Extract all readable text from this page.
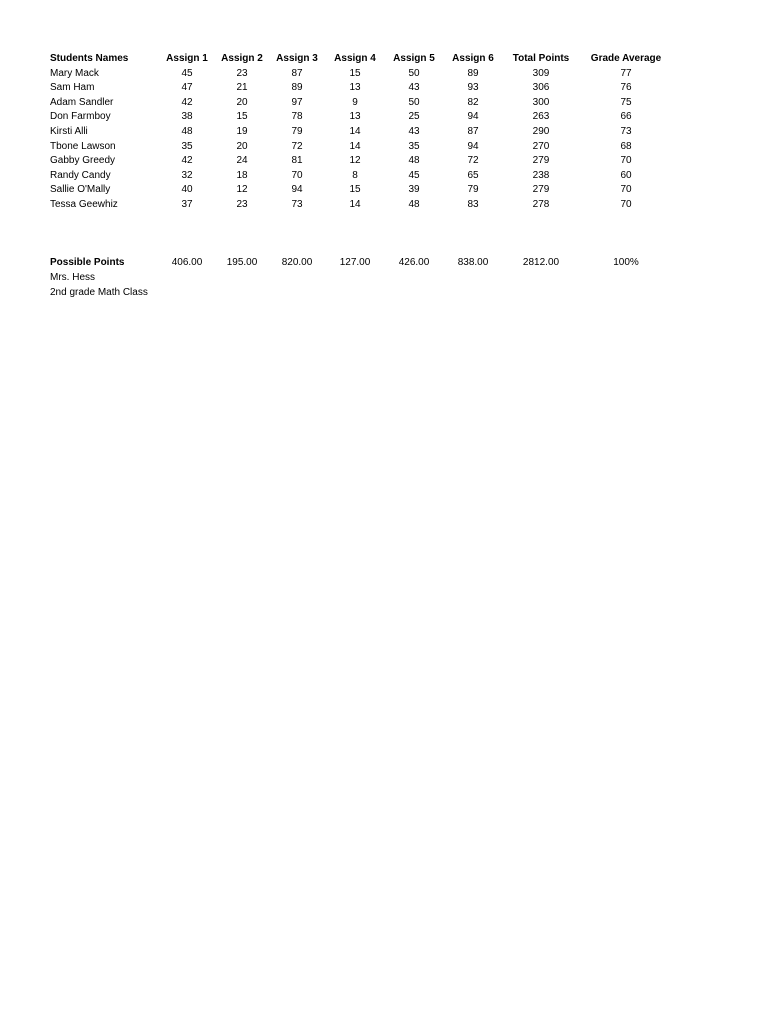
Students Names	Assign 1	Assign 2	Assign 3	Assign 4	Assign 5	Assign 6	Total Points	Grade Average
Mary Mack	45	23	87	15	50	89	309	77
Sam Ham	47	21	89	13	43	93	306	76
Adam Sandler	42	20	97	9	50	82	300	75
Don Farmboy	38	15	78	13	25	94	263	66
Kirsti Alli	48	19	79	14	43	87	290	73
Tbone Lawson	35	20	72	14	35	94	270	68
Gabby Greedy	42	24	81	12	48	72	279	70
Randy Candy	32	18	70	8	45	65	238	60
Sallie O'Mally	40	12	94	15	39	79	279	70
Tessa Geewhiz	37	23	73	14	48	83	278	70
Possible Points	406.00	195.00	820.00	127.00	426.00	838.00	2812.00	100%
Mrs. Hess
2nd grade Math Class
